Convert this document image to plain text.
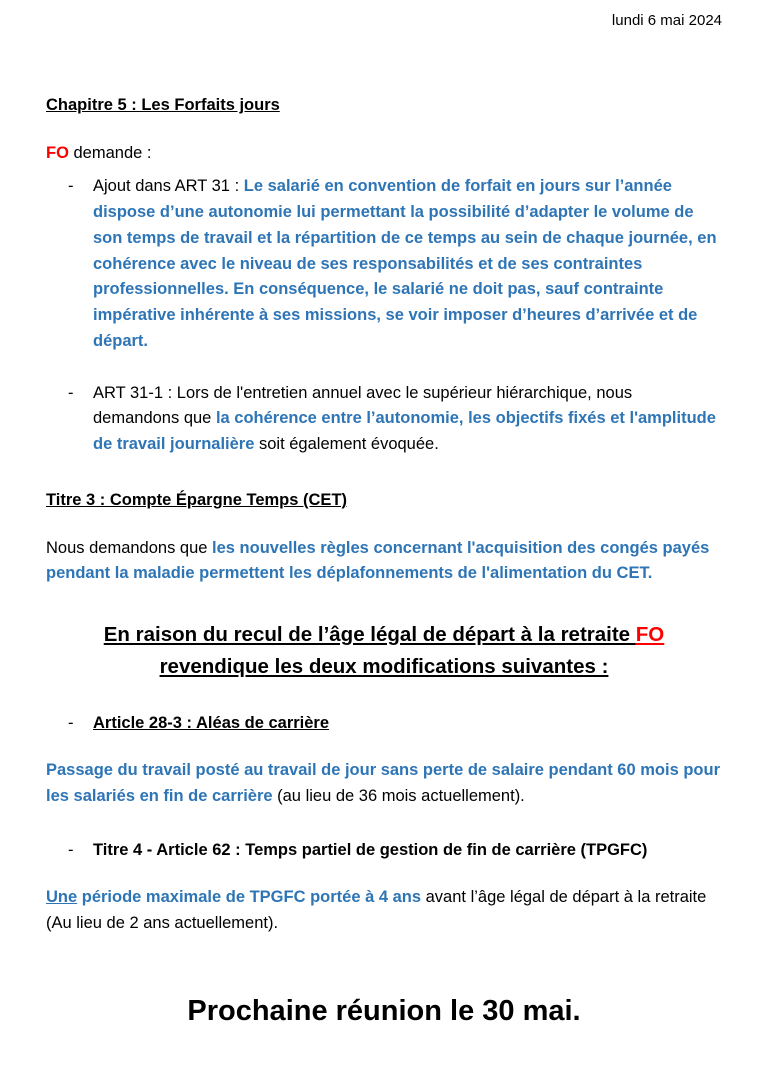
lundi 6 mai 2024
Chapitre 5 : Les Forfaits jours

FO demande :

-	Ajout dans ART 31 : Le salarié en convention de forfait en jours sur l’année dispose d’une autonomie lui permettant la possibilité d’adapter le volume de son temps de travail et la répartition de ce temps au sein de chaque journée, en cohérence avec le niveau de ses responsabilités et de ses contraintes professionnelles. En conséquence, le salarié ne doit pas, sauf contrainte impérative inhérente à ses missions, se voir imposer d’heures d’arrivée et de départ.
-	ART 31-1 : Lors de l'entretien annuel avec le supérieur hiérarchique, nous demandons que la cohérence entre l’autonomie, les objectifs fixés et l'amplitude de travail journalière soit également évoquée.
Titre 3 : Compte Épargne Temps (CET)

Nous demandons que les nouvelles règles concernant l'acquisition des congés payés pendant la maladie permettent les déplafonnements de l'alimentation du CET.

En raison du recul de l’âge légal de départ à la retraite FO revendique les deux modifications suivantes :
-	Article 28-3 : Aléas de carrière

Passage du travail posté au travail de jour sans perte de salaire pendant 60 mois pour les salariés en fin de carrière (au lieu de 36 mois actuellement).

-	Titre 4 - Article 62 : Temps partiel de gestion de fin de carrière (TPGFC)

Une période maximale de TPGFC portée à 4 ans avant l’âge légal de départ à la retraite (Au lieu de 2 ans actuellement).

Prochaine réunion le 30 mai.
